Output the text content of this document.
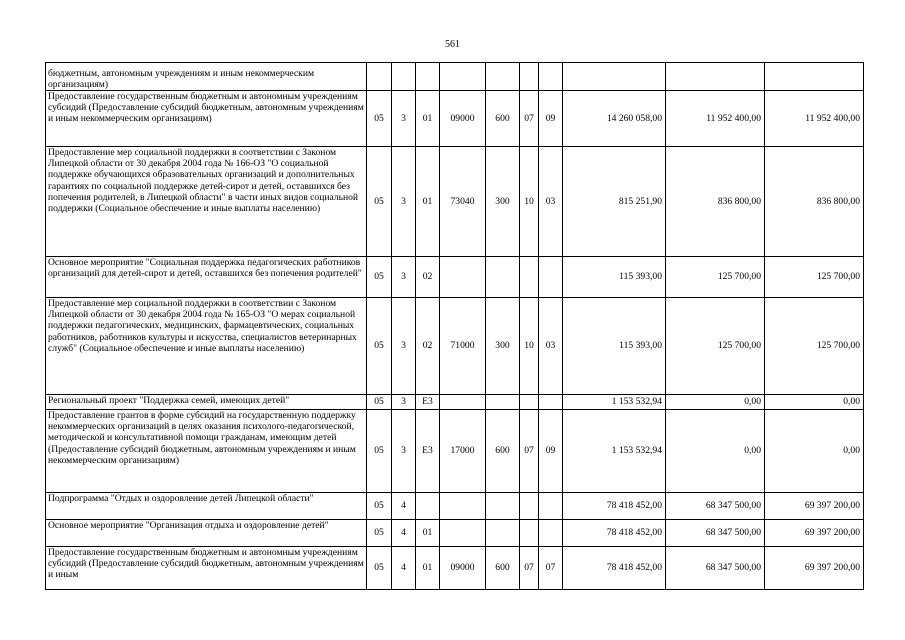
561
бюджетным, автономным учреждениям и иным некоммерческим организациям)										
Предоставление государственным бюджетным и автономным учреждениям субсидий (Предоставление субсидий бюджетным, автономным учреждениям и иным некоммерческим организациям)	05	3	01	09000	600	07	09	14 260 058,00	11 952 400,00	11 952 400,00
Предоставление мер социальной поддержки в соответствии с Законом Липецкой области от 30 декабря 2004 года № 166-ОЗ "О социальной поддержке обучающихся образовательных организаций и дополнительных гарантиях по социальной поддержке детей-сирот и детей, оставшихся без попечения родителей, в Липецкой области" в части иных видов социальной поддержки (Социальное обеспечение и иные выплаты населению)	05	3	01	73040	300	10	03	815 251,90	836 800,00	836 800,00
Основное мероприятие "Социальная поддержка педагогических работников организаций для детей-сирот и детей, оставшихся без попечения родителей"	05	3	02					115 393,00	125 700,00	125 700,00
Предоставление мер социальной поддержки в соответствии с Законом Липецкой области от 30 декабря 2004 года № 165-ОЗ "О мерах социальной поддержки педагогических, медицинских, фармацевтических, социальных работников, работников культуры и искусства, специалистов ветеринарных служб" (Социальное обеспечение и иные выплаты населению)	05	3	02	71000	300	10	03	115 393,00	125 700,00	125 700,00
Региональный проект "Поддержка семей, имеющих детей"	05	3	E3					1 153 532,94	0,00	0,00
Предоставление грантов в форме субсидий на государственную поддержку некоммерческих организаций в целях оказания психолого-педагогической, методической и консультативной помощи гражданам, имеющим детей (Предоставление субсидий бюджетным, автономным учреждениям и иным некоммерческим организациям)	05	3	E3	17000	600	07	09	1 153 532,94	0,00	0,00
Подпрограмма "Отдых и оздоровление детей Липецкой области"	05	4						78 418 452,00	68 347 500,00	69 397 200,00
Основное мероприятие "Организация отдыха и оздоровление детей"	05	4	01					78 418 452,00	68 347 500,00	69 397 200,00
Предоставление государственным бюджетным и автономным учреждениям субсидий (Предоставление субсидий бюджетным, автономным учреждениям и иным	05	4	01	09000	600	07	07	78 418 452,00	68 347 500,00	69 397 200,00
